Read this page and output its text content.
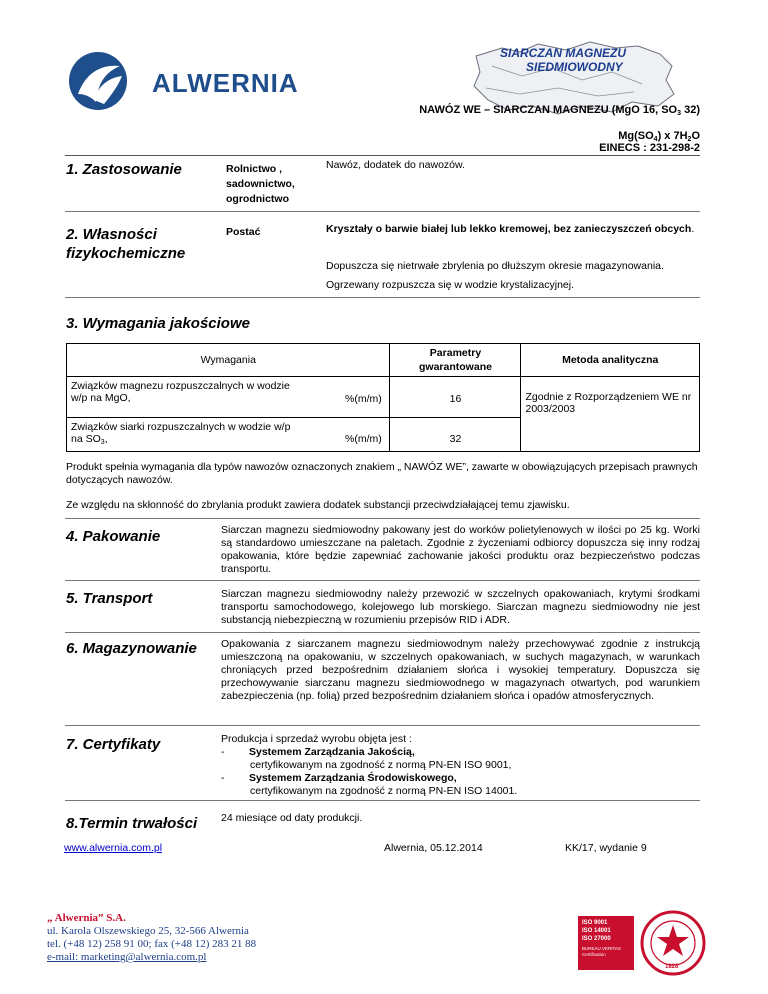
ALWERNIA
SIARCZAN MAGNEZU
SIEDMIOWODNY
NAWÓZ WE – SIARCZAN MAGNEZU (MgO 16, $SO_3$ 32)
$Mg(SO_4)$ x $7H_2O$
EINECS : 231-298-2
1. Zastosowanie	Rolnictwo , sadownictwo, ogrodnictwo
Nawóz, dodatek do nawozów.
2. Własności fizykochemiczne
Postać	Kryształy o barwie białej lub lekko kremowej, bez zanieczyszczeń obcych.
Dopuszcza się nietrwałe zbrylenia po dłuższym okresie magazynowania.
Ogrzewany rozpuszcza się w wodzie krystalizacyjnej.
3. Wymagania jakościowe
Wymagania		Parametry gwarantowane	Metoda analityczna
Związków magnezu rozpuszczalnych w wodzie w/p na MgO,	%(m/m)	16	Zgodnie z Rozporządzeniem WE nr 2003/2003
Związków siarki rozpuszczalnych w wodzie w/p na $SO_3$,	%(m/m)	32	
Produkt spełnia wymagania dla typów nawozów oznaczonych znakiem „ NAWÓZ WE”, zawarte w obowiązujących przepisach prawnych dotyczących nawozów.
Ze względu na skłonność do zbrylania produkt zawiera dodatek substancji przeciwdziałającej temu zjawisku.
4. Pakowanie	Siarczan magnezu siedmiowodny pakowany jest do worków polietylenowych w ilości po 25 kg. Worki są standardowo umieszczane na paletach. Zgodnie z życzeniami odbiorcy dopuszcza się inny rodzaj opakowania, które będzie zapewniać zachowanie jakości produktu oraz bezpieczeństwo podczas transportu.
5. Transport	Siarczan magnezu siedmiowodny należy przewozić w szczelnych opakowaniach, krytymi środkami transportu samochodowego, kolejowego lub morskiego. Siarczan magnezu siedmiowodny nie jest substancją niebezpieczną w rozumieniu przepisów RID i ADR.
6. Magazynowanie Opakowania z siarczanem magnezu siedmiowodnym należy przechowywać zgodnie z instrukcją umieszczoną na opakowaniu, w szczelnych opakowaniach, w suchych magazynach, w warunkach chroniących przed bezpośrednim działaniem słońca i wysokiej temperatury. Dopuszcza się przechowywanie siarczanu magnezu siedmiowodnego w magazynach otwartych, pod warunkiem zabezpieczenia (np. folią) przed bezpośrednim działaniem słońca i opadów atmosferycznych.
7. Certyfikaty	Produkcja i sprzedaż wyrobu objęta jest :
- Systemem Zarządzania Jakością,
certyfikowanym na zgodność z normą PN-EN ISO 9001,
- Systemem Zarządzania Środowiskowego,
certyfikowanym na zgodność z normą PN-EN ISO 14001.
8.Termin trwałości 24 miesiące od daty produkcji.
www.alwernia.com.pl	Alwernia, 05.12.2014	KK/17, wydanie 9
„ Alwernia” S.A.
ul. Karola Olszewskiego 25, 32-566 Alwernia
tel. (+48 12) 258 91 00; fax (+48 12) 283 21 88
e-mail: marketing@alwernia.com.pl
ISO 9001
ISO 14001
ISO 27000
BUREAU VERITAS
Certification
1828
